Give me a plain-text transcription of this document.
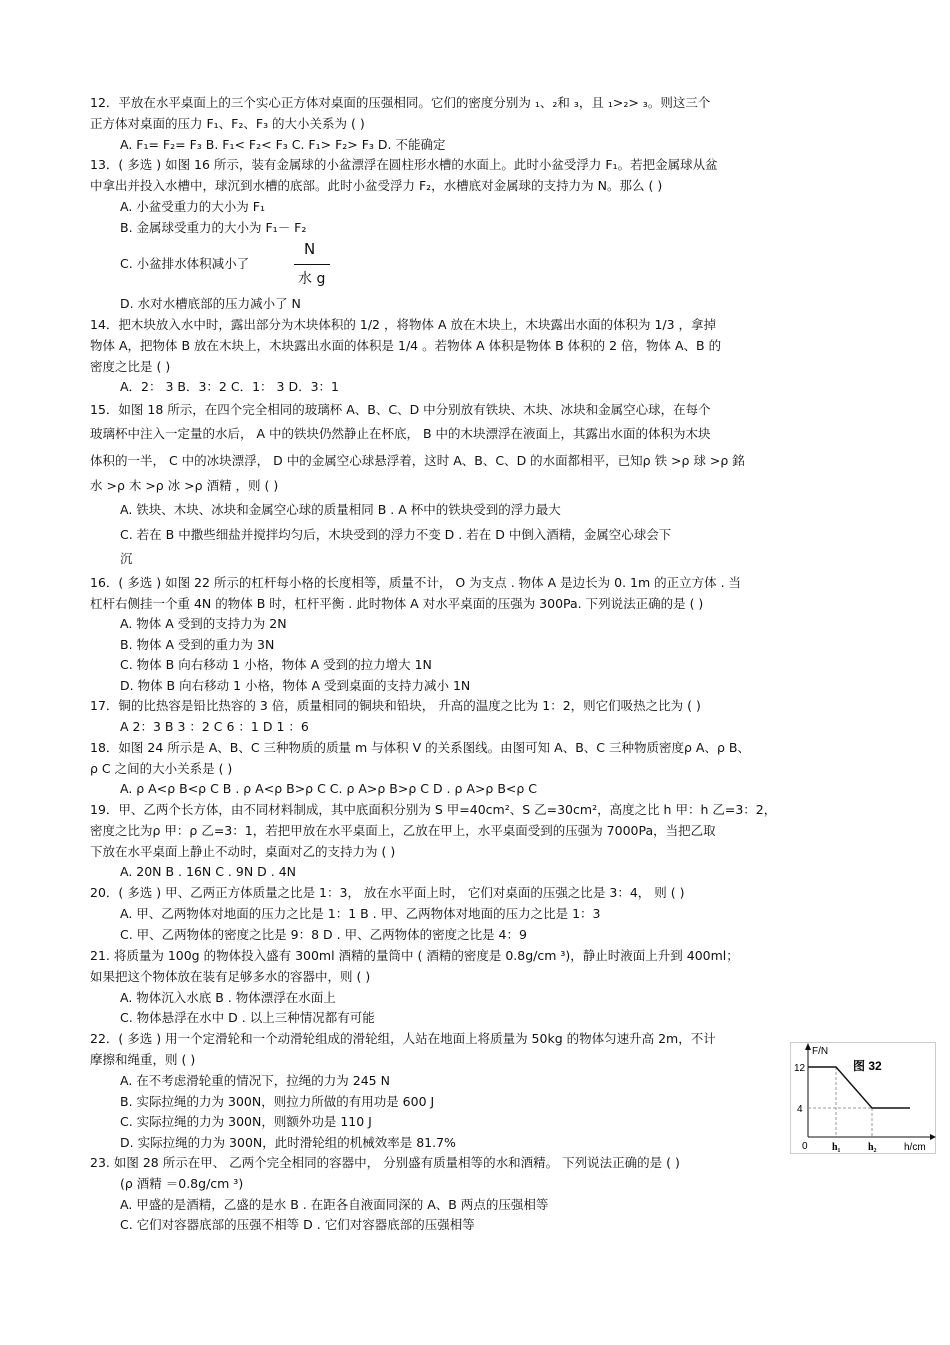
12．平放在水平桌面上的三个实心正方体对桌面的压强相同。它们的密度分别为 ₁、₂和 ₃，且 ₁>₂> ₃。则这三个
正方体对桌面的压力 F₁、F₂、F₃ 的大小关系为 ( )
A. F₁= F₂= F₃ B. F₁< F₂< F₃ C. F₁> F₂> F₃ D. 不能确定
13．( 多选 ) 如图 16 所示，装有金属球的小盆漂浮在圆柱形水槽的水面上。此时小盆受浮力 F₁。若把金属球从盆
中拿出并投入水槽中，球沉到水槽的底部。此时小盆受浮力 F₂，水槽底对金属球的支持力为 N。那么 ( )
A. 小盆受重力的大小为 F₁
B. 金属球受重力的大小为 F₁－ F₂
C. 小盆排水体积减小了
D. 水对水槽底部的压力减小了 N
14．把木块放入水中时，露出部分为木块体积的 1/2 ，将物体 A 放在木块上，木块露出水面的体积为 1/3 ，拿掉
物体 A，把物体 B 放在木块上，木块露出水面的体积是 1/4 。若物体 A 体积是物体 B 体积的 2 倍，物体 A、B 的
密度之比是 ( )
A．2： 3 B．3：2 C．1： 3 D．3：1
15．如图 18 所示，在四个完全相同的玻璃杯 A、B、C、D 中分别放有铁块、木块、冰块和金属空心球，在每个
玻璃杯中注入一定量的水后， A 中的铁块仍然静止在杯底， B 中的木块漂浮在液面上，其露出水面的体积为木块
体积的一半， C 中的冰块漂浮， D 中的金属空心球悬浮着，这时 A、B、C、D 的水面都相平，已知ρ 铁 >ρ 球 >ρ 銘
水 >ρ 木 >ρ 冰 >ρ 酒精 ，则 ( )
A. 铁块、木块、冰块和金属空心球的质量相同 B . A 杯中的铁块受到的浮力最大
C. 若在 B 中撒些细盐并搅拌均匀后，木块受到的浮力不变 D . 若在 D 中倒入酒精，金属空心球会下
沉
16．( 多选 ) 如图 22 所示的杠杆每小格的长度相等，质量不计， O 为支点 . 物体 A 是边长为 0. 1m 的正立方体 . 当
杠杆右侧挂一个重 4N 的物体 B 时，杠杆平衡 . 此时物体 A 对水平桌面的压强为 300Pa. 下列说法正确的是 ( )
A. 物体 A 受到的支持力为 2N
B. 物体 A 受到的重力为 3N
C. 物体 B 向右移动 1 小格，物体 A 受到的拉力增大 1N
D. 物体 B 向右移动 1 小格，物体 A 受到桌面的支持力减小 1N
17．铜的比热容是铅比热容的 3 倍，质量相同的铜块和铅块， 升高的温度之比为 1：2，则它们吸热之比为 ( )
A 2：3 B 3 ：2 C 6 ：1 D 1 ：6
18．如图 24 所示是 A、B、C 三种物质的质量 m 与体积 V 的关系图线。由图可知 A、B、C 三种物质密度ρ A、ρ B、
ρ C 之间的大小关系是 ( )
A. ρ A<ρ B<ρ C B . ρ A<ρ B>ρ C C. ρ A>ρ B>ρ C D . ρ A>ρ B<ρ C
19．甲、乙两个长方体，由不同材料制成，其中底面积分别为 S 甲=40cm²、S 乙=30cm²，高度之比 h 甲：h 乙=3：2，
密度之比为ρ 甲：ρ 乙=3：1，若把甲放在水平桌面上，乙放在甲上，水平桌面受到的压强为 7000Pa，当把乙取
下放在水平桌面上静止不动时，桌面对乙的支持力为 ( )
A. 20N B . 16N C . 9N D . 4N
20．( 多选 ) 甲、乙两正方体质量之比是 1：3， 放在水平面上时， 它们对桌面的压强之比是 3：4， 则 ( )
A. 甲、乙两物体对地面的压力之比是 1：1 B . 甲、乙两物体对地面的压力之比是 1：3
C. 甲、乙两物体的密度之比是 9：8 D . 甲、乙两物体的密度之比是 4：9
21. 将质量为 100g 的物体投入盛有 300ml 酒精的量筒中 ( 酒精的密度是 0.8g/cm ³)，静止时液面上升到 400ml；
如果把这个物体放在装有足够多水的容器中，则 ( )
A. 物体沉入水底 B . 物体漂浮在水面上
C. 物体悬浮在水中 D . 以上三种情况都有可能
22．( 多选 ) 用一个定滑轮和一个动滑轮组成的滑轮组，人站在地面上将质量为 50kg 的物体匀速升高 2m，不计
摩擦和绳重，则 ( )
A. 在不考虑滑轮重的情况下，拉绳的力为 245 N
B. 实际拉绳的力为 300N，则拉力所做的有用功是 600 J
C. 实际拉绳的力为 300N，则额外功是 110 J
D. 实际拉绳的力为 300N，此时滑轮组的机械效率是 81.7%
23. 如图 28 所示在甲、 乙两个完全相同的容器中， 分别盛有质量相等的水和酒精。 下列说法正确的是 ( )
(ρ 酒精 ＝0.8g/cm ³)
A. 甲盛的是酒精，乙盛的是水 B . 在距各自液面同深的 A、B 两点的压强相等
C. 它们对容器底部的压强不相等 D . 它们对容器底部的压强相等
N
水 g
F/N
图 32
12
4
0 h₁	h₂	h/cm
